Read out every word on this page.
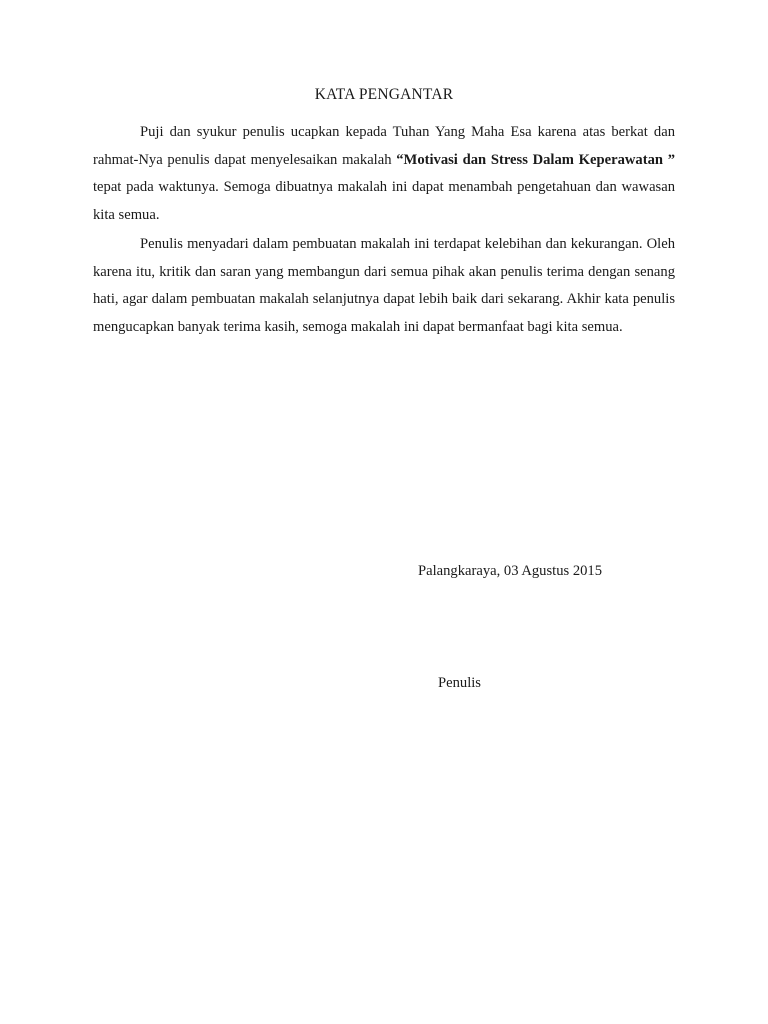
KATA PENGANTAR

Puji dan syukur penulis ucapkan kepada Tuhan Yang Maha Esa karena atas berkat dan rahmat-Nya penulis dapat menyelesaikan makalah “Motivasi dan Stress Dalam Keperawatan ” tepat pada waktunya. Semoga dibuatnya makalah ini dapat menambah pengetahuan dan wawasan kita semua.

Penulis menyadari dalam pembuatan makalah ini terdapat kelebihan dan kekurangan. Oleh karena itu, kritik dan saran yang membangun dari semua pihak akan penulis terima dengan senang hati, agar dalam pembuatan makalah selanjutnya dapat lebih baik dari sekarang. Akhir kata penulis mengucapkan banyak terima kasih, semoga makalah ini dapat bermanfaat bagi kita semua.

Palangkaraya, 03 Agustus 2015
Penulis
